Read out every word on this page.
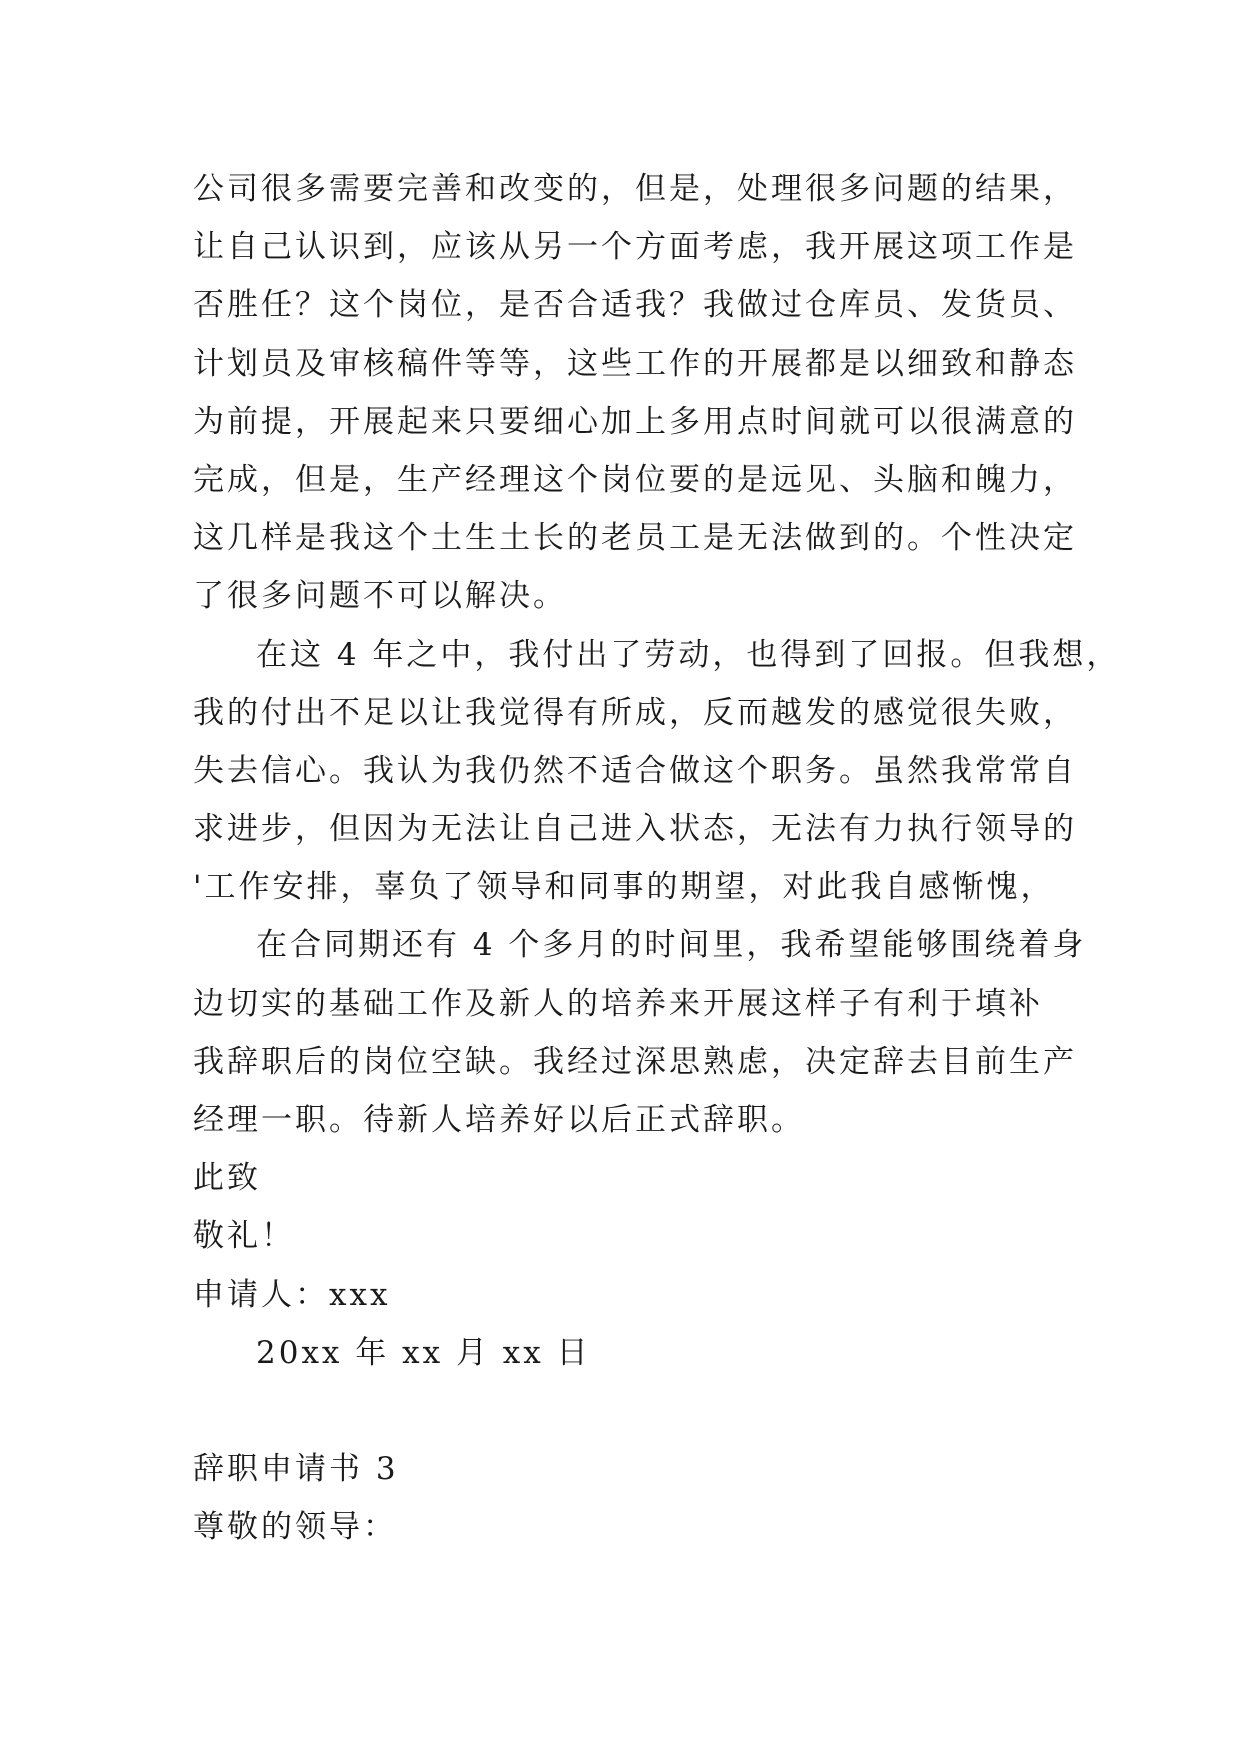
公司很多需要完善和改变的，但是，处理很多问题的结果，
让自己认识到，应该从另一个方面考虑，我开展这项工作是
否胜任？这个岗位，是否合适我？我做过仓库员、发货员、
计划员及审核稿件等等，这些工作的开展都是以细致和静态
为前提，开展起来只要细心加上多用点时间就可以很满意的
完成，但是，生产经理这个岗位要的是远见、头脑和魄力，
这几样是我这个土生土长的老员工是无法做到的。个性决定
了很多问题不可以解决。
在这 4 年之中，我付出了劳动，也得到了回报。但我想，
我的付出不足以让我觉得有所成，反而越发的感觉很失败，
失去信心。我认为我仍然不适合做这个职务。虽然我常常自
求进步，但因为无法让自己进入状态，无法有力执行领导的
'工作安排，辜负了领导和同事的期望，对此我自感惭愧，
在合同期还有 4 个多月的时间里，我希望能够围绕着身
边切实的基础工作及新人的培养来开展这样子有利于填补
我辞职后的岗位空缺。我经过深思熟虑，决定辞去目前生产
经理一职。待新人培养好以后正式辞职。
此致
敬礼！
申请人：xxx
20xx 年 xx 月 xx 日
辞职申请书 3
尊敬的领导：
